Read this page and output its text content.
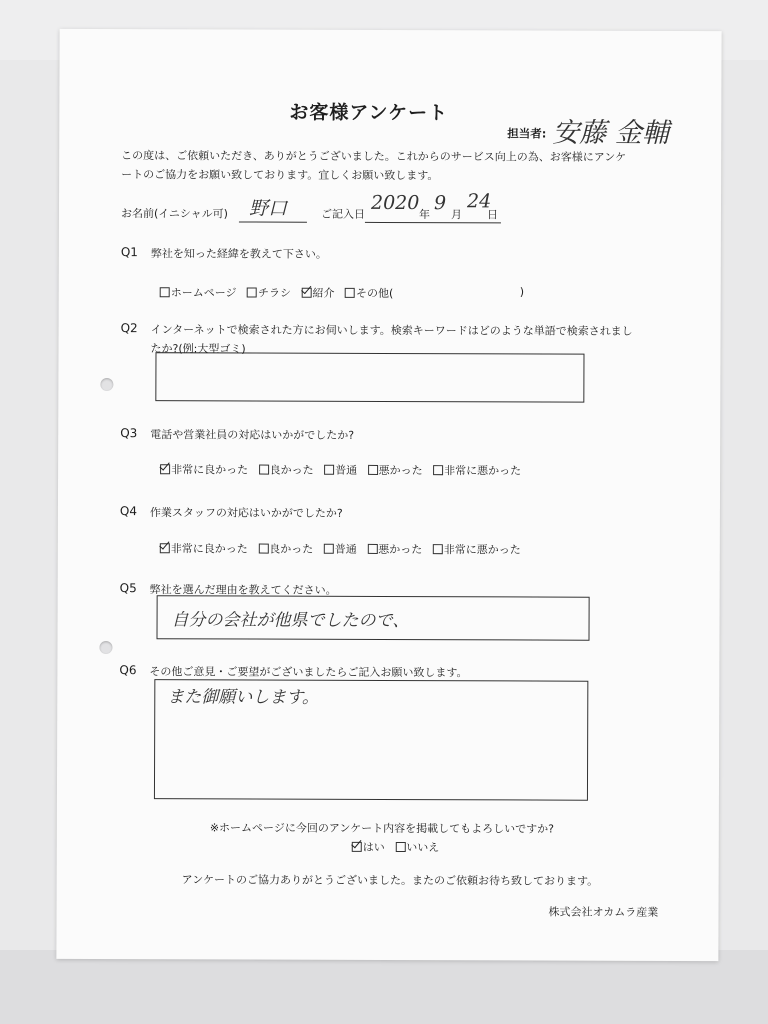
お客様アンケート
担当者: 安藤 金輔
この度は、ご依頼いただき、ありがとうございました。これからのサービス向上の為、お客様にアンケ
ートのご協力をお願い致しております。宜しくお願い致します。
お名前(イニシャル可) 野口	ご記入日
2020
年
9
月
24
日
Q1 弊社を知った経緯を教えて下さい。
ホームページ チラシ 紹介 その他(	)
Q2 インターネットで検索された方にお伺いします。検索キーワードはどのような単語で検索されまし
たか?(例:大型ゴミ)
Q3 電話や営業社員の対応はいかがでしたか?
非常に良かった 良かった 普通 悪かった 非常に悪かった
Q4 作業スタッフの対応はいかがでしたか?
非常に良かった 良かった 普通 悪かった 非常に悪かった
Q5 弊社を選んだ理由を教えてください。
自分の会社が他県でしたので、
Q6 その他ご意見・ご要望がございましたらご記入お願い致します。
また御願いします。
※ホームページに今回のアンケート内容を掲載してもよろしいですか?
はい いいえ
アンケートのご協力ありがとうございました。またのご依頼お待ち致しております。
株式会社オカムラ産業
